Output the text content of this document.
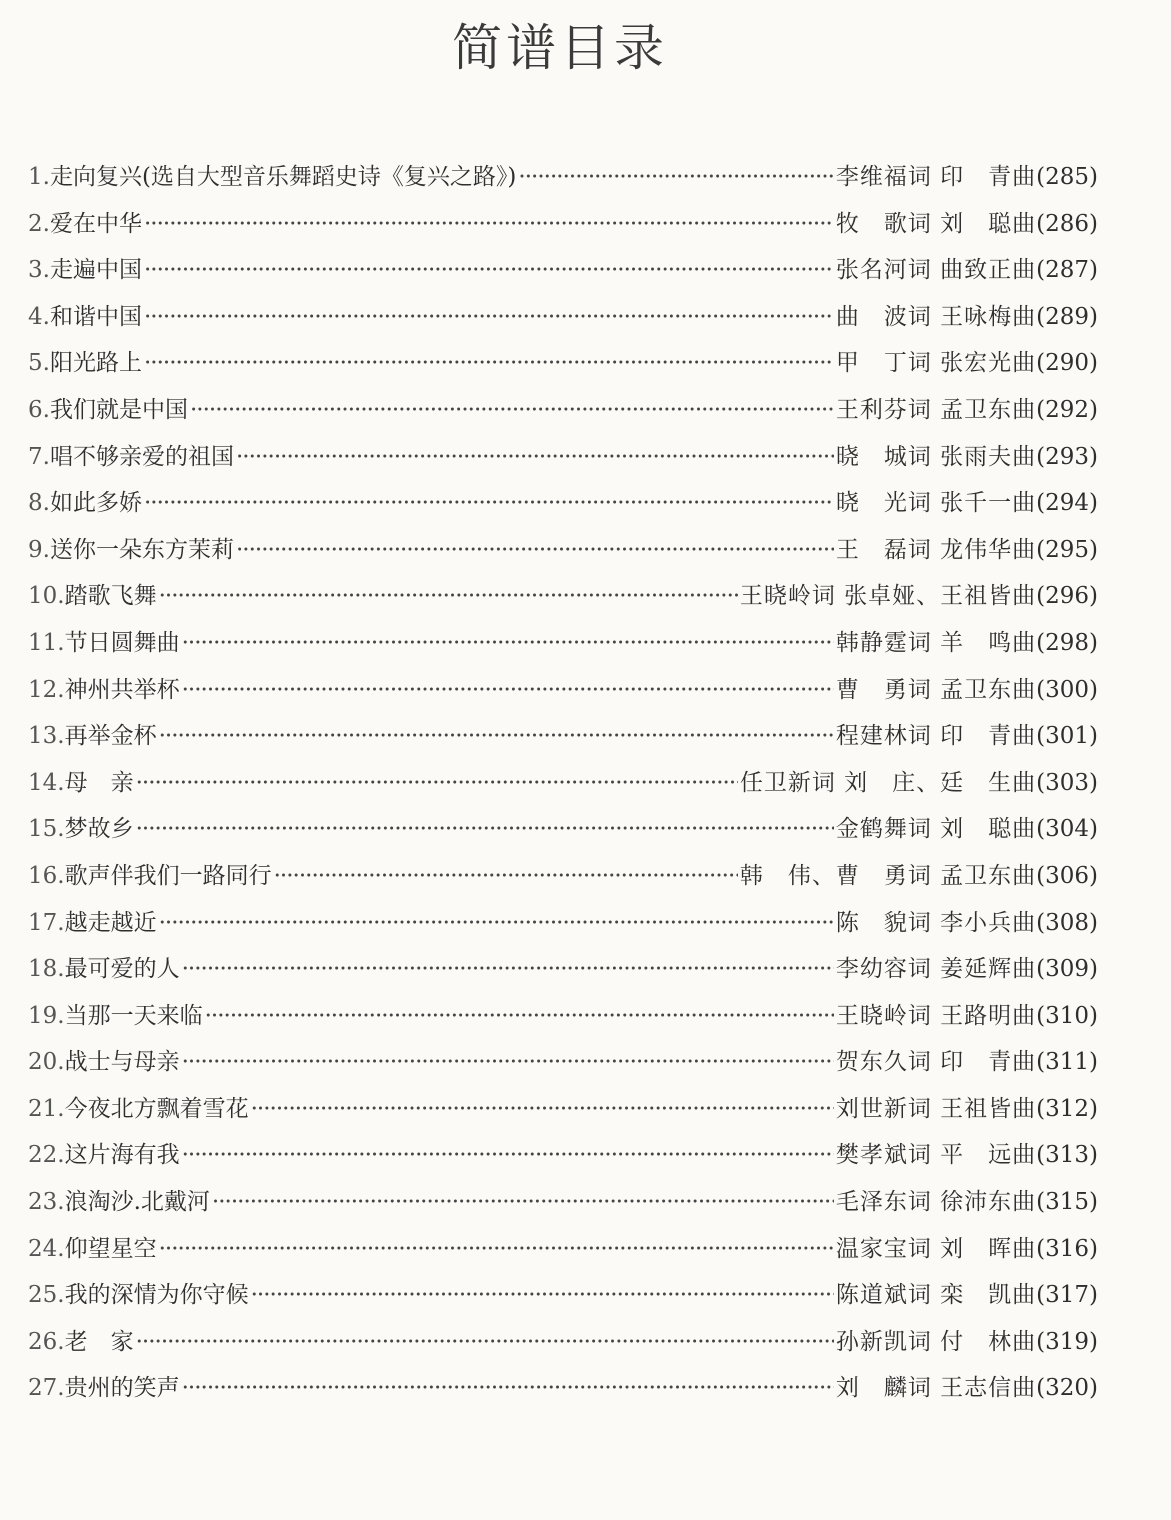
简谱目录
1. 走向复兴(选自大型音乐舞蹈史诗《复兴之路》) ·····	李维福词 印　青曲 (285)
2. 爱在中华 ·····	牧　歌词 刘　聪曲 (286)
3. 走遍中国 ·····	张名河词 曲致正曲 (287)
4. 和谐中国 ·····	曲　波词 王咏梅曲 (289)
5. 阳光路上 ·····	甲　丁词 张宏光曲 (290)
6. 我们就是中国 ·····	王利芬词 孟卫东曲 (292)
7. 唱不够亲爱的祖国 ·····	晓　城词 张雨夫曲 (293)
8. 如此多娇 ·····	晓　光词 张千一曲 (294)
9. 送你一朵东方茉莉 ·····	王　磊词 龙伟华曲 (295)
10. 踏歌飞舞 ·····	王晓岭词 张卓娅、王祖皆曲 (296)
11. 节日圆舞曲 ·····	韩静霆词 羊　鸣曲 (298)
12. 神州共举杯 ·····	曹　勇词 孟卫东曲 (300)
13. 再举金杯 ·····	程建林词 印　青曲 (301)
14. 母　亲 ·····	任卫新词 刘　庄、廷　生曲 (303)
15. 梦故乡 ·····	金鹤舞词 刘　聪曲 (304)
16. 歌声伴我们一路同行 ·····	韩　伟、曹　勇词 孟卫东曲 (306)
17. 越走越近 ·····	陈　貌词 李小兵曲 (308)
18. 最可爱的人 ·····	李幼容词 姜延辉曲 (309)
19. 当那一天来临 ·····	王晓岭词 王路明曲 (310)
20. 战士与母亲 ·····	贺东久词 印　青曲 (311)
21. 今夜北方飘着雪花 ·····	刘世新词 王祖皆曲 (312)
22. 这片海有我 ·····	樊孝斌词 平　远曲 (313)
23. 浪淘沙.北戴河 ·····	毛泽东词 徐沛东曲 (315)
24. 仰望星空 ·····	温家宝词 刘　晖曲 (316)
25. 我的深情为你守候 ·····	陈道斌词 栾　凯曲 (317)
26. 老　家 ·····	孙新凯词 付　林曲 (319)
27. 贵州的笑声 ·····	刘　麟词 王志信曲 (320)
